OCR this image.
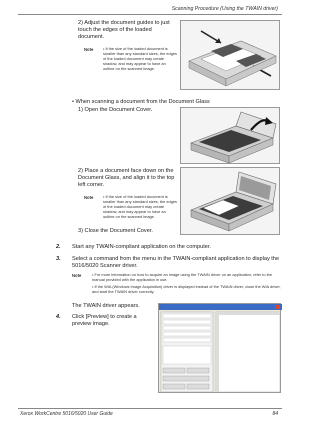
Scanning Procedure (Using the TWAIN driver)
2) Adjust the document guides to just touch the edges of the loaded document.
Note • If the size of the loaded document is smaller than any standard sizes, the edges of the loaded document may create shadow, and may appear to have an outline on the scanned image.
• When scanning a document from the Document Glass
1) Open the Document Cover.
2) Place a document face down on the Document Glass, and align it to the top left corner.
Note • If the size of the loaded document is smaller than any standard sizes, the edges of the loaded document may create shadow, and may appear to have an outline on the scanned image.
3) Close the Document Cover.
2.	Start any TWAIN-compliant application on the computer.
3.	Select a command from the menu in the TWAIN-compliant application to display the 5016/5020 Scanner driver.
Note	• For more information on how to acquire an image using the TWAIN driver on an application, refer to the manual provided with the application in use.
• If the WIA (Windows Image Acquisition) driver is displayed instead of the TWAIN driver, close the WIA driver, and start the TWAIN driver correctly.
The TWAIN driver appears.
4.	Click [Preview] to create a preview image.
Xerox WorkCentre 5016/5020 User Guide	84
